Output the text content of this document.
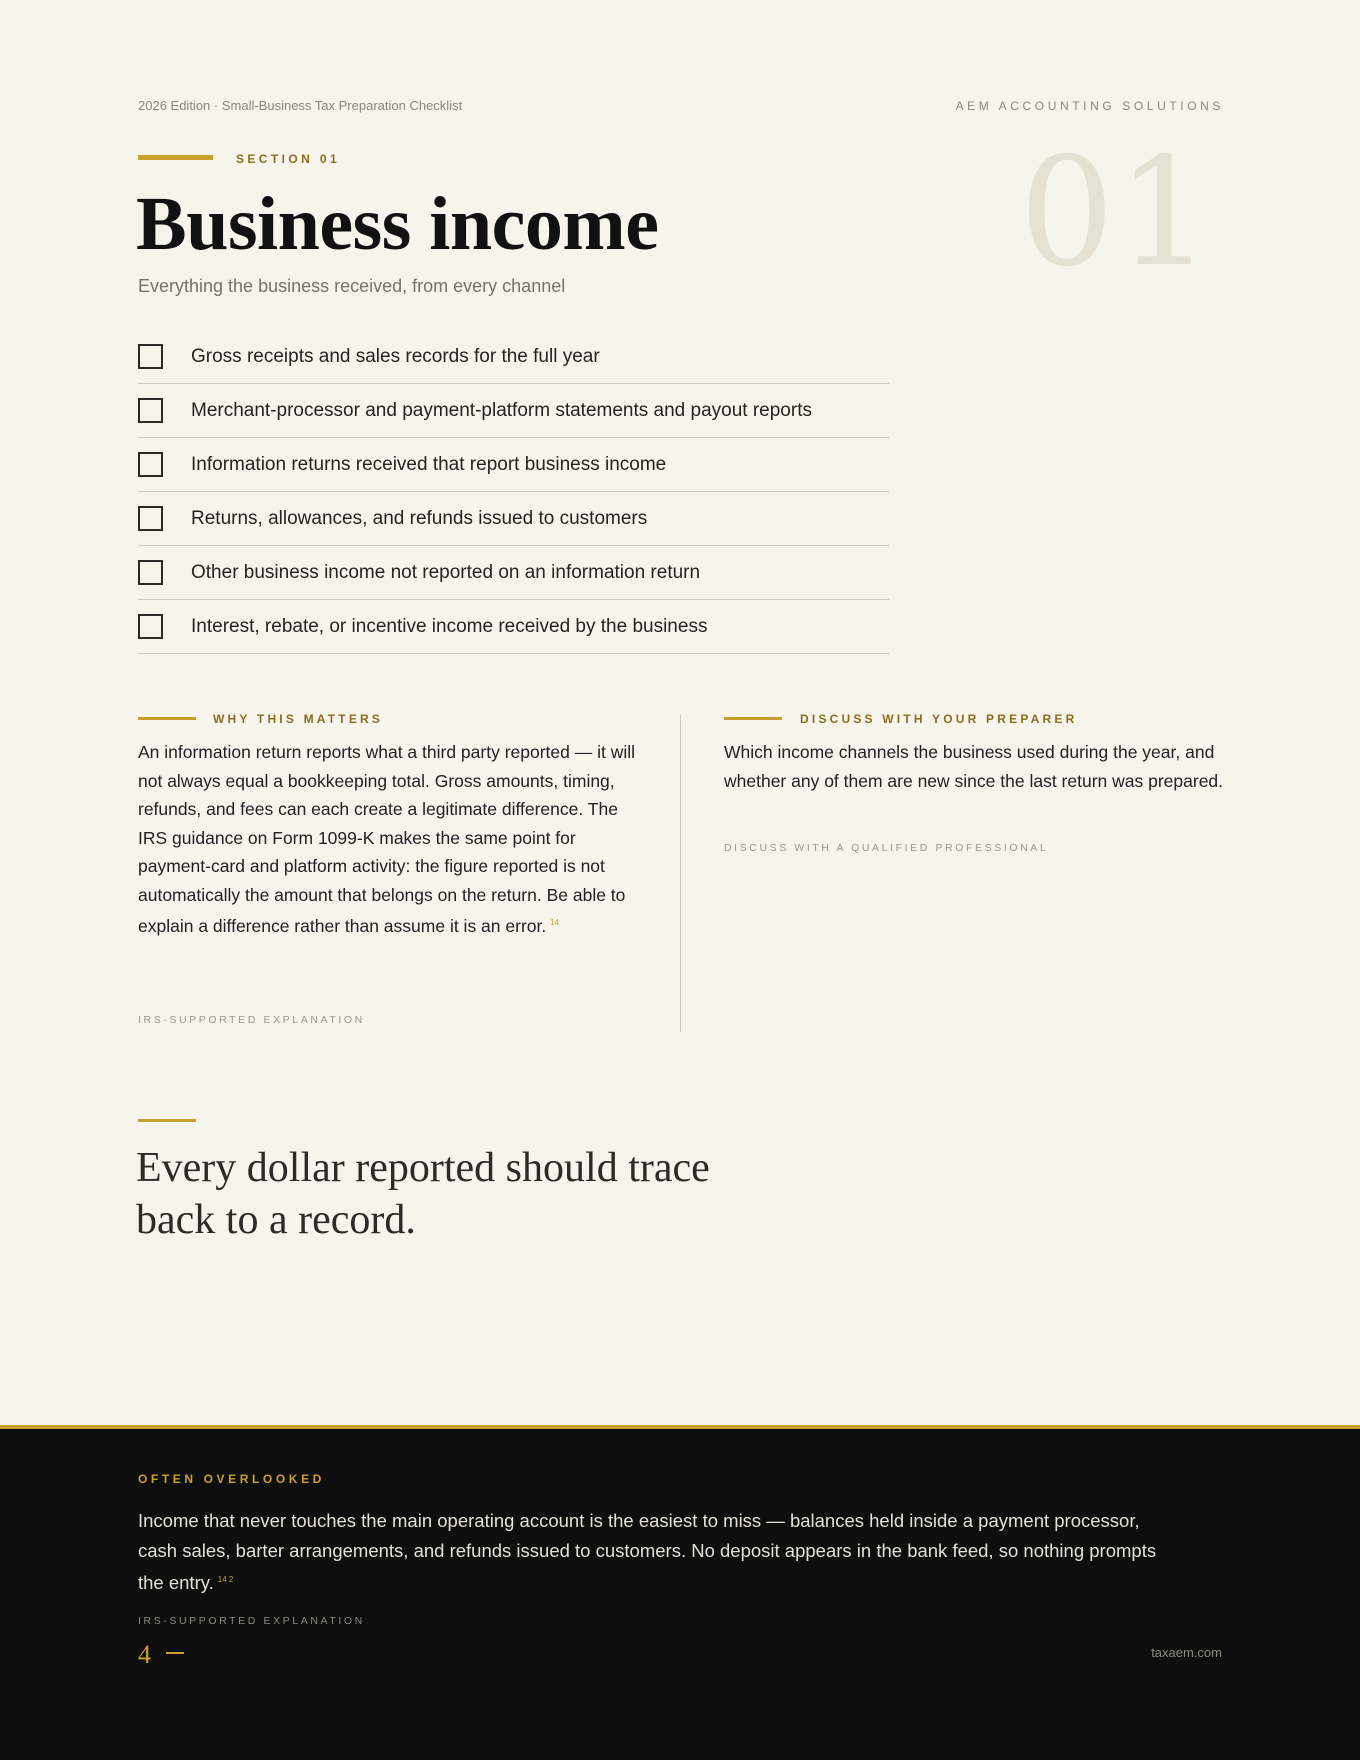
2026 Edition · Small-Business Tax Preparation Checklist	AEM ACCOUNTING SOLUTIONS
SECTION 01	01
Business income
Everything the business received, from every channel
Gross receipts and sales records for the full year
Merchant-processor and payment-platform statements and payout reports
Information returns received that report business income
Returns, allowances, and refunds issued to customers
Other business income not reported on an information return
Interest, rebate, or incentive income received by the business
WHY THIS MATTERS

An information return reports what a third party reported — it will not always equal a bookkeeping total. Gross amounts, timing, refunds, and fees can each create a legitimate difference. The IRS guidance on Form 1099-K makes the same point for payment-card and platform activity: the figure reported is not automatically the amount that belongs on the return. Be able to explain a difference rather than assume it is an error. $^{14}$

IRS-SUPPORTED EXPLANATION
DISCUSS WITH YOUR PREPARER

Which income channels the business used during the year, and whether any of them are new since the last return was prepared.

DISCUSS WITH A QUALIFIED PROFESSIONAL
Every dollar reported should trace back to a record.
OFTEN OVERLOOKED

Income that never touches the main operating account is the easiest to miss — balances held inside a payment processor, cash sales, barter arrangements, and refunds issued to customers. No deposit appears in the bank feed, so nothing prompts the entry. $^{14 2}$

IRS-SUPPORTED EXPLANATION
4	taxaem.com
